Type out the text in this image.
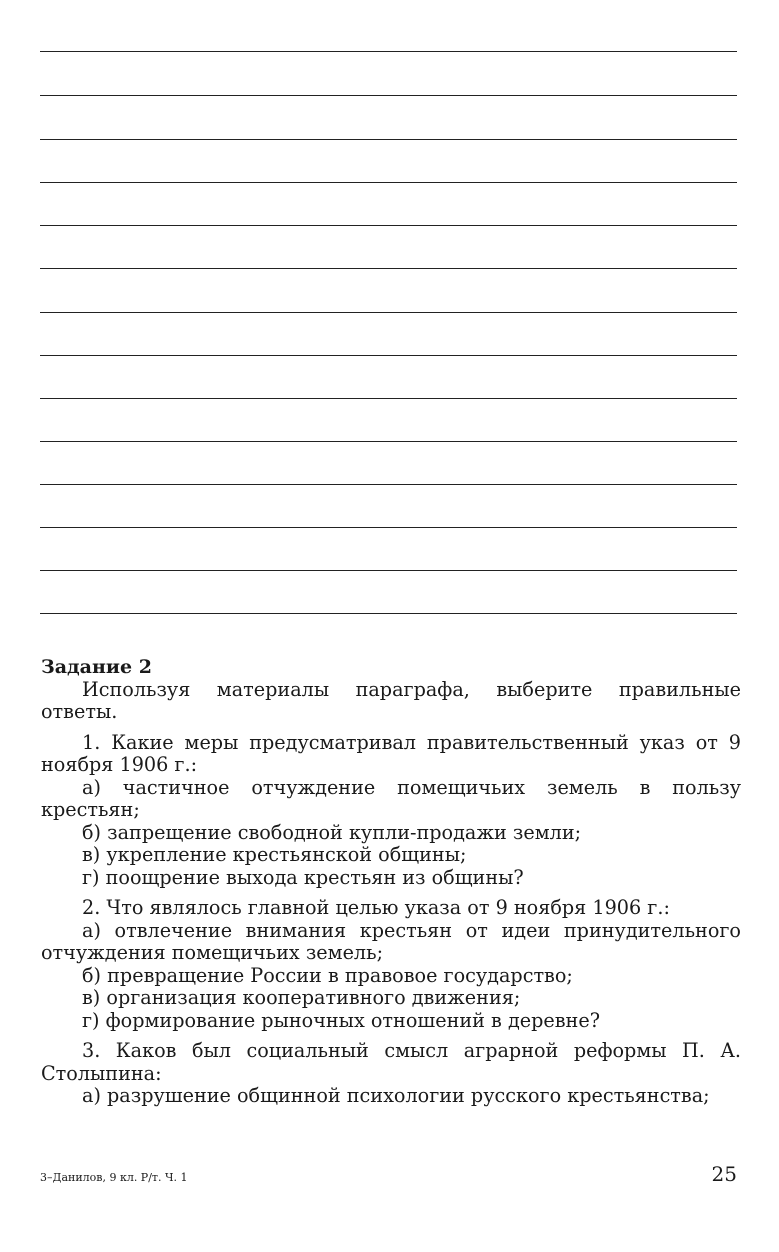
Задание 2

Используя материалы параграфа, выберите правильные ответы.

1. Какие меры предусматривал правительственный указ от 9 ноября 1906 г.:

а) частичное отчуждение помещичьих земель в пользу крестьян;

б) запрещение свободной купли-продажи земли;

в) укрепление крестьянской общины;

г) поощрение выхода крестьян из общины?

2. Что являлось главной целью указа от 9 ноября 1906 г.:

а) отвлечение внимания крестьян от идеи принудительного отчуждения помещичьих земель;

б) превращение России в правовое государство;

в) организация кооперативного движения;

г) формирование рыночных отношений в деревне?

3. Каков был социальный смысл аграрной реформы П. А. Столыпина:

а) разрушение общинной психологии русского крестьянства;

3–Данилов, 9 кл. Р/т. Ч. 1	25
